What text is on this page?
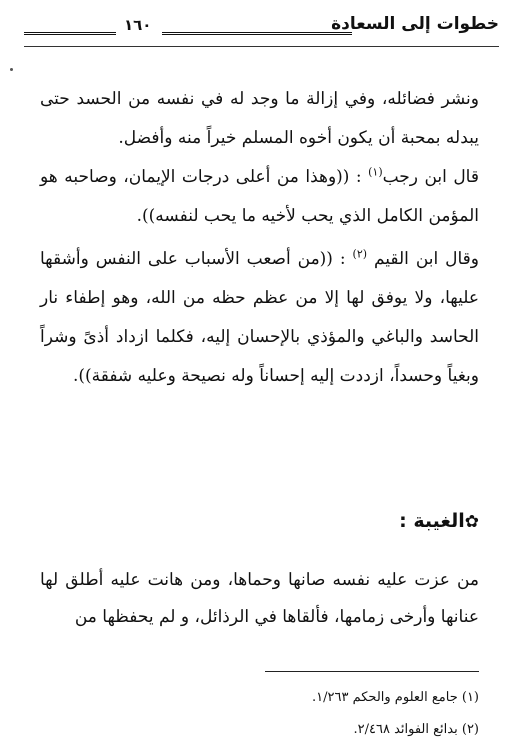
خطوات إلى السعادة
١٦٠

ونشر فضائله، وفي إزالة ما وجد له في نفسه من الحسد حتى يبدله بمحبة أن يكون أخوه المسلم خيراً منه وأفضل.

قال ابن رجب$^{(١)}$ : ((وهذا من أعلى درجات الإيمان، وصاحبه هو المؤمن الكامل الذي يحب لأخيه ما يحب لنفسه)).

وقال ابن القيم $^{(٢)}$ : ((من أصعب الأسباب على النفس وأشقها عليها، ولا يوفق لها إلا من عظم حظه من الله، وهو إطفاء نار الحاسد والباغي والمؤذي بالإحسان إليه، فكلما ازداد أذىً وشراً وبغياً وحسداً، ازددت إليه إحساناً وله نصيحة وعليه شفقة)).

✿الغيبة :
من عزت عليه نفسه صانها وحماها، ومن هانت عليه أطلق لها عنانها وأرخى زمامها، فألقاها في الرذائل، و لم يحفظها من
(١) جامع العلوم والحكم ١/٢٦٣.
(٢) بدائع الفوائد ٢/٤٦٨.
